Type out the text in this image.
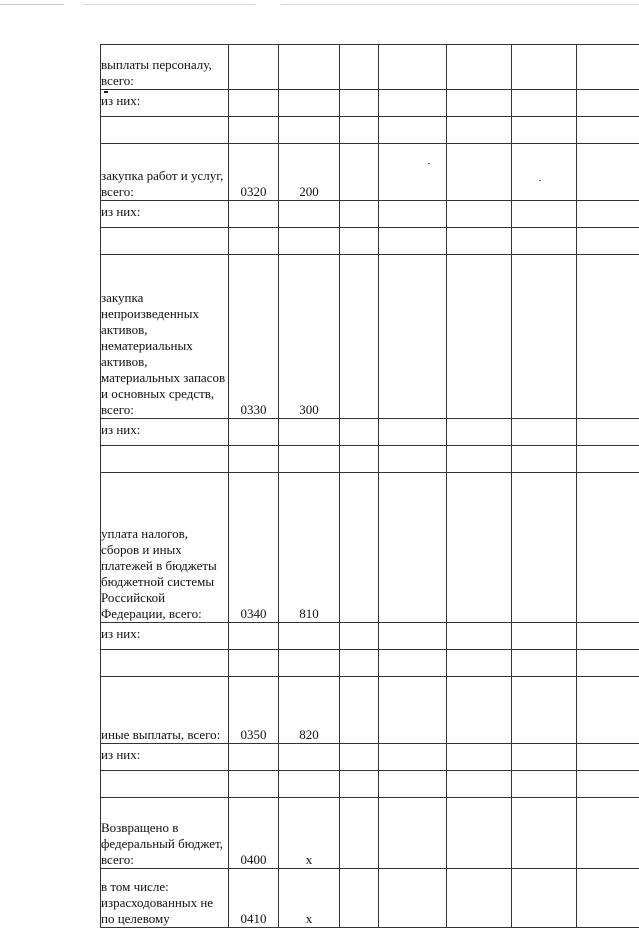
выплаты персоналу, всего:							
из них:							

закупка работ и услуг, всего:	0320	200					
из них:							

закупка непроизведенных активов, нематериальных активов, материальных запасов и основных средств, всего:	0330	300					
из них:							

уплата налогов, сборов и иных платежей в бюджеты бюджетной системы Российской Федерации, всего:	0340	810					
из них:							

иные выплаты, всего:	0350	820					
из них:							

Возвращено в федеральный бюджет, всего:	0400	x					
в том числе: израсходованных не по целевому	0410	x					
